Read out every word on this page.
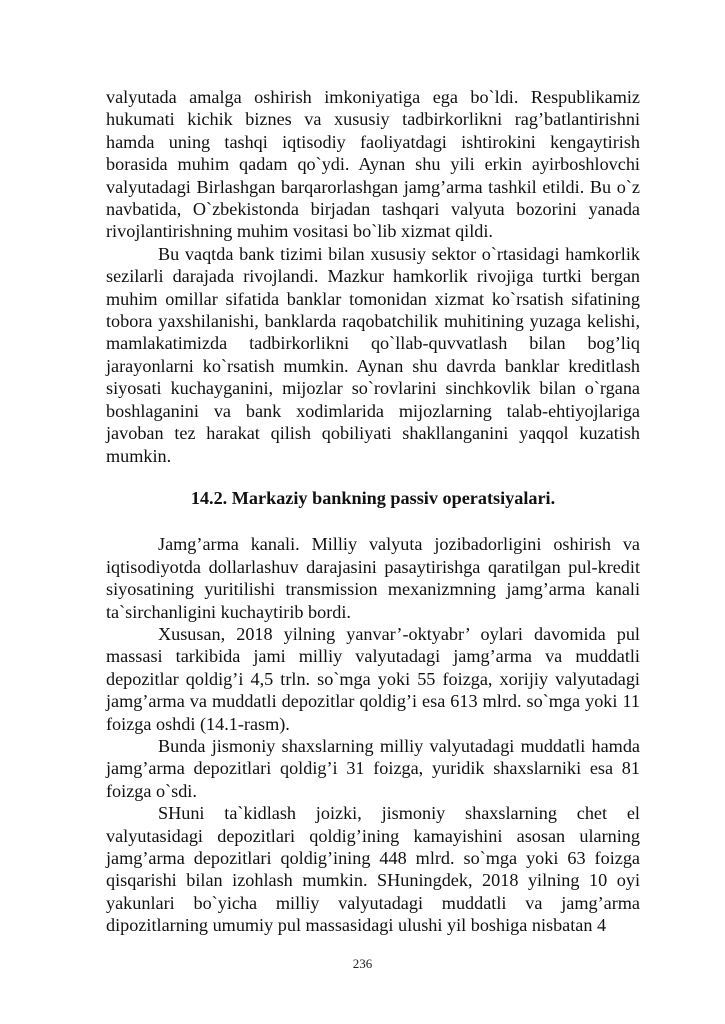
valyutada amalga oshirish imkoniyatiga ega bo`ldi. Respublikamiz hukumati kichik biznes va xususiy tadbirkorlikni rag’batlantirishni hamda uning tashqi iqtisodiy faoliyatdagi ishtirokini kengaytirish borasida muhim qadam qo`ydi. Aynan shu yili erkin ayirboshlovchi valyutadagi Birlashgan barqarorlashgan jamg’arma tashkil etildi. Bu o`z navbatida, O`zbekistonda birjadan tashqari valyuta bozorini yanada rivojlantirishning muhim vositasi bo`lib xizmat qildi.

Bu vaqtda bank tizimi bilan xususiy sektor o`rtasidagi hamkorlik sezilarli darajada rivojlandi. Mazkur hamkorlik rivojiga turtki bergan muhim omillar sifatida banklar tomonidan xizmat ko`rsatish sifatining tobora yaxshilanishi, banklarda raqobatchilik muhitining yuzaga kelishi, mamlakatimizda tadbirkorlikni qo`llab-quvvatlash bilan bog’liq jarayonlarni ko`rsatish mumkin. Aynan shu davrda banklar kreditlash siyosati kuchayganini, mijozlar so`rovlarini sinchkovlik bilan o`rgana boshlaganini va bank xodimlarida mijozlarning talab-ehtiyojlariga javoban tez harakat qilish qobiliyati shakllanganini yaqqol kuzatish mumkin.

14.2. Markaziy bankning passiv operatsiyalari.

Jamg’arma kanali. Milliy valyuta jozibadorligini oshirish va iqtisodiyotda dollarlashuv darajasini pasaytirishga qaratilgan pul-kredit siyosatining yuritilishi transmission mexanizmning jamg’arma kanali ta`sirchanligini kuchaytirib bordi.

Xususan, 2018 yilning yanvar’-oktyabr’ oylari davomida pul massasi tarkibida jami milliy valyutadagi jamg’arma va muddatli depozitlar qoldig’i 4,5 trln. so`mga yoki 55 foizga, xorijiy valyutadagi jamg’arma va muddatli depozitlar qoldig’i esa 613 mlrd. so`mga yoki 11 foizga oshdi (14.1-rasm).

Bunda jismoniy shaxslarning milliy valyutadagi muddatli hamda jamg’arma depozitlari qoldig’i 31 foizga, yuridik shaxslarniki esa 81 foizga o`sdi.

SHuni ta`kidlash joizki, jismoniy shaxslarning chet el valyutasidagi depozitlari qoldig’ining kamayishini asosan ularning jamg’arma depozitlari qoldig’ining 448 mlrd. so`mga yoki 63 foizga qisqarishi bilan izohlash mumkin. SHuningdek, 2018 yilning 10 oyi yakunlari bo`yicha milliy valyutadagi muddatli va jamg’arma dipozitlarning umumiy pul massasidagi ulushi yil boshiga nisbatan 4

236
